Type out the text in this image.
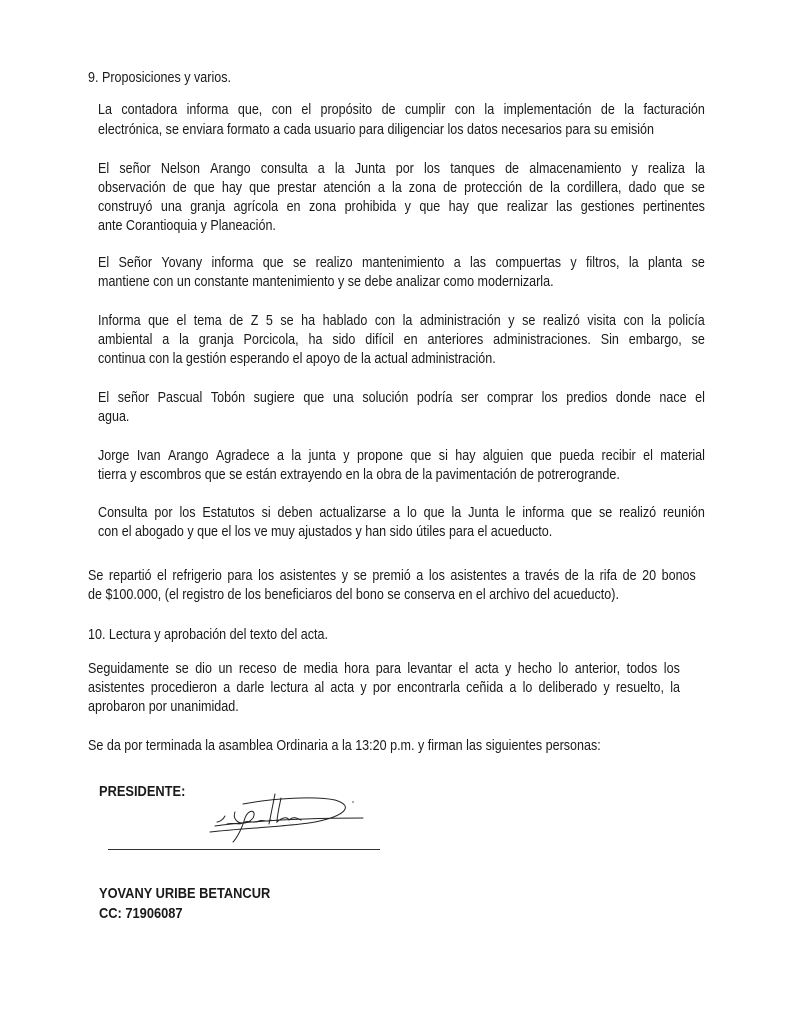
9. Proposiciones y varios.
La contadora informa que, con el propósito de cumplir con la implementación de la facturación
electrónica, se enviara formato a cada usuario para diligenciar los datos necesarios para su emisión
El señor Nelson Arango consulta a la Junta por los tanques de almacenamiento y realiza la
observación de que hay que prestar atención a la zona de protección de la cordillera, dado que se
construyó una granja agrícola en zona prohibida y que hay que realizar las gestiones pertinentes
ante Corantioquia y Planeación.
El Señor Yovany informa que se realizo mantenimiento a las compuertas y filtros, la planta se
mantiene con un constante mantenimiento y se debe analizar como modernizarla.
Informa que el tema de Z 5 se ha hablado con la administración y se realizó visita con la policía
ambiental a la granja Porcicola, ha sido difícil en anteriores administraciones. Sin embargo, se
continua con la gestión esperando el apoyo de la actual administración.
El señor Pascual Tobón sugiere que una solución podría ser comprar los predios donde nace el
agua.
Jorge Ivan Arango Agradece a la junta y propone que si hay alguien que pueda recibir el material
tierra y escombros que se están extrayendo en la obra de la pavimentación de potrerogrande.
Consulta por los Estatutos si deben actualizarse a lo que la Junta le informa que se realizó reunión
con el abogado y que el los ve muy ajustados y han sido útiles para el acueducto.
Se repartió el refrigerio para los asistentes y se premió a los asistentes a través de la rifa de 20 bonos
de $100.000, (el registro de los beneficiaros del bono se conserva en el archivo del acueducto).
10. Lectura y aprobación del texto del acta.
Seguidamente se dio un receso de media hora para levantar el acta y hecho lo anterior, todos los
asistentes procedieron a darle lectura al acta y por encontrarla ceñida a lo deliberado y resuelto, la
aprobaron por unanimidad.
Se da por terminada la asamblea Ordinaria a la 13:20 p.m. y firman las siguientes personas:
PRESIDENTE:
YOVANY URIBE BETANCUR
CC: 71906087
